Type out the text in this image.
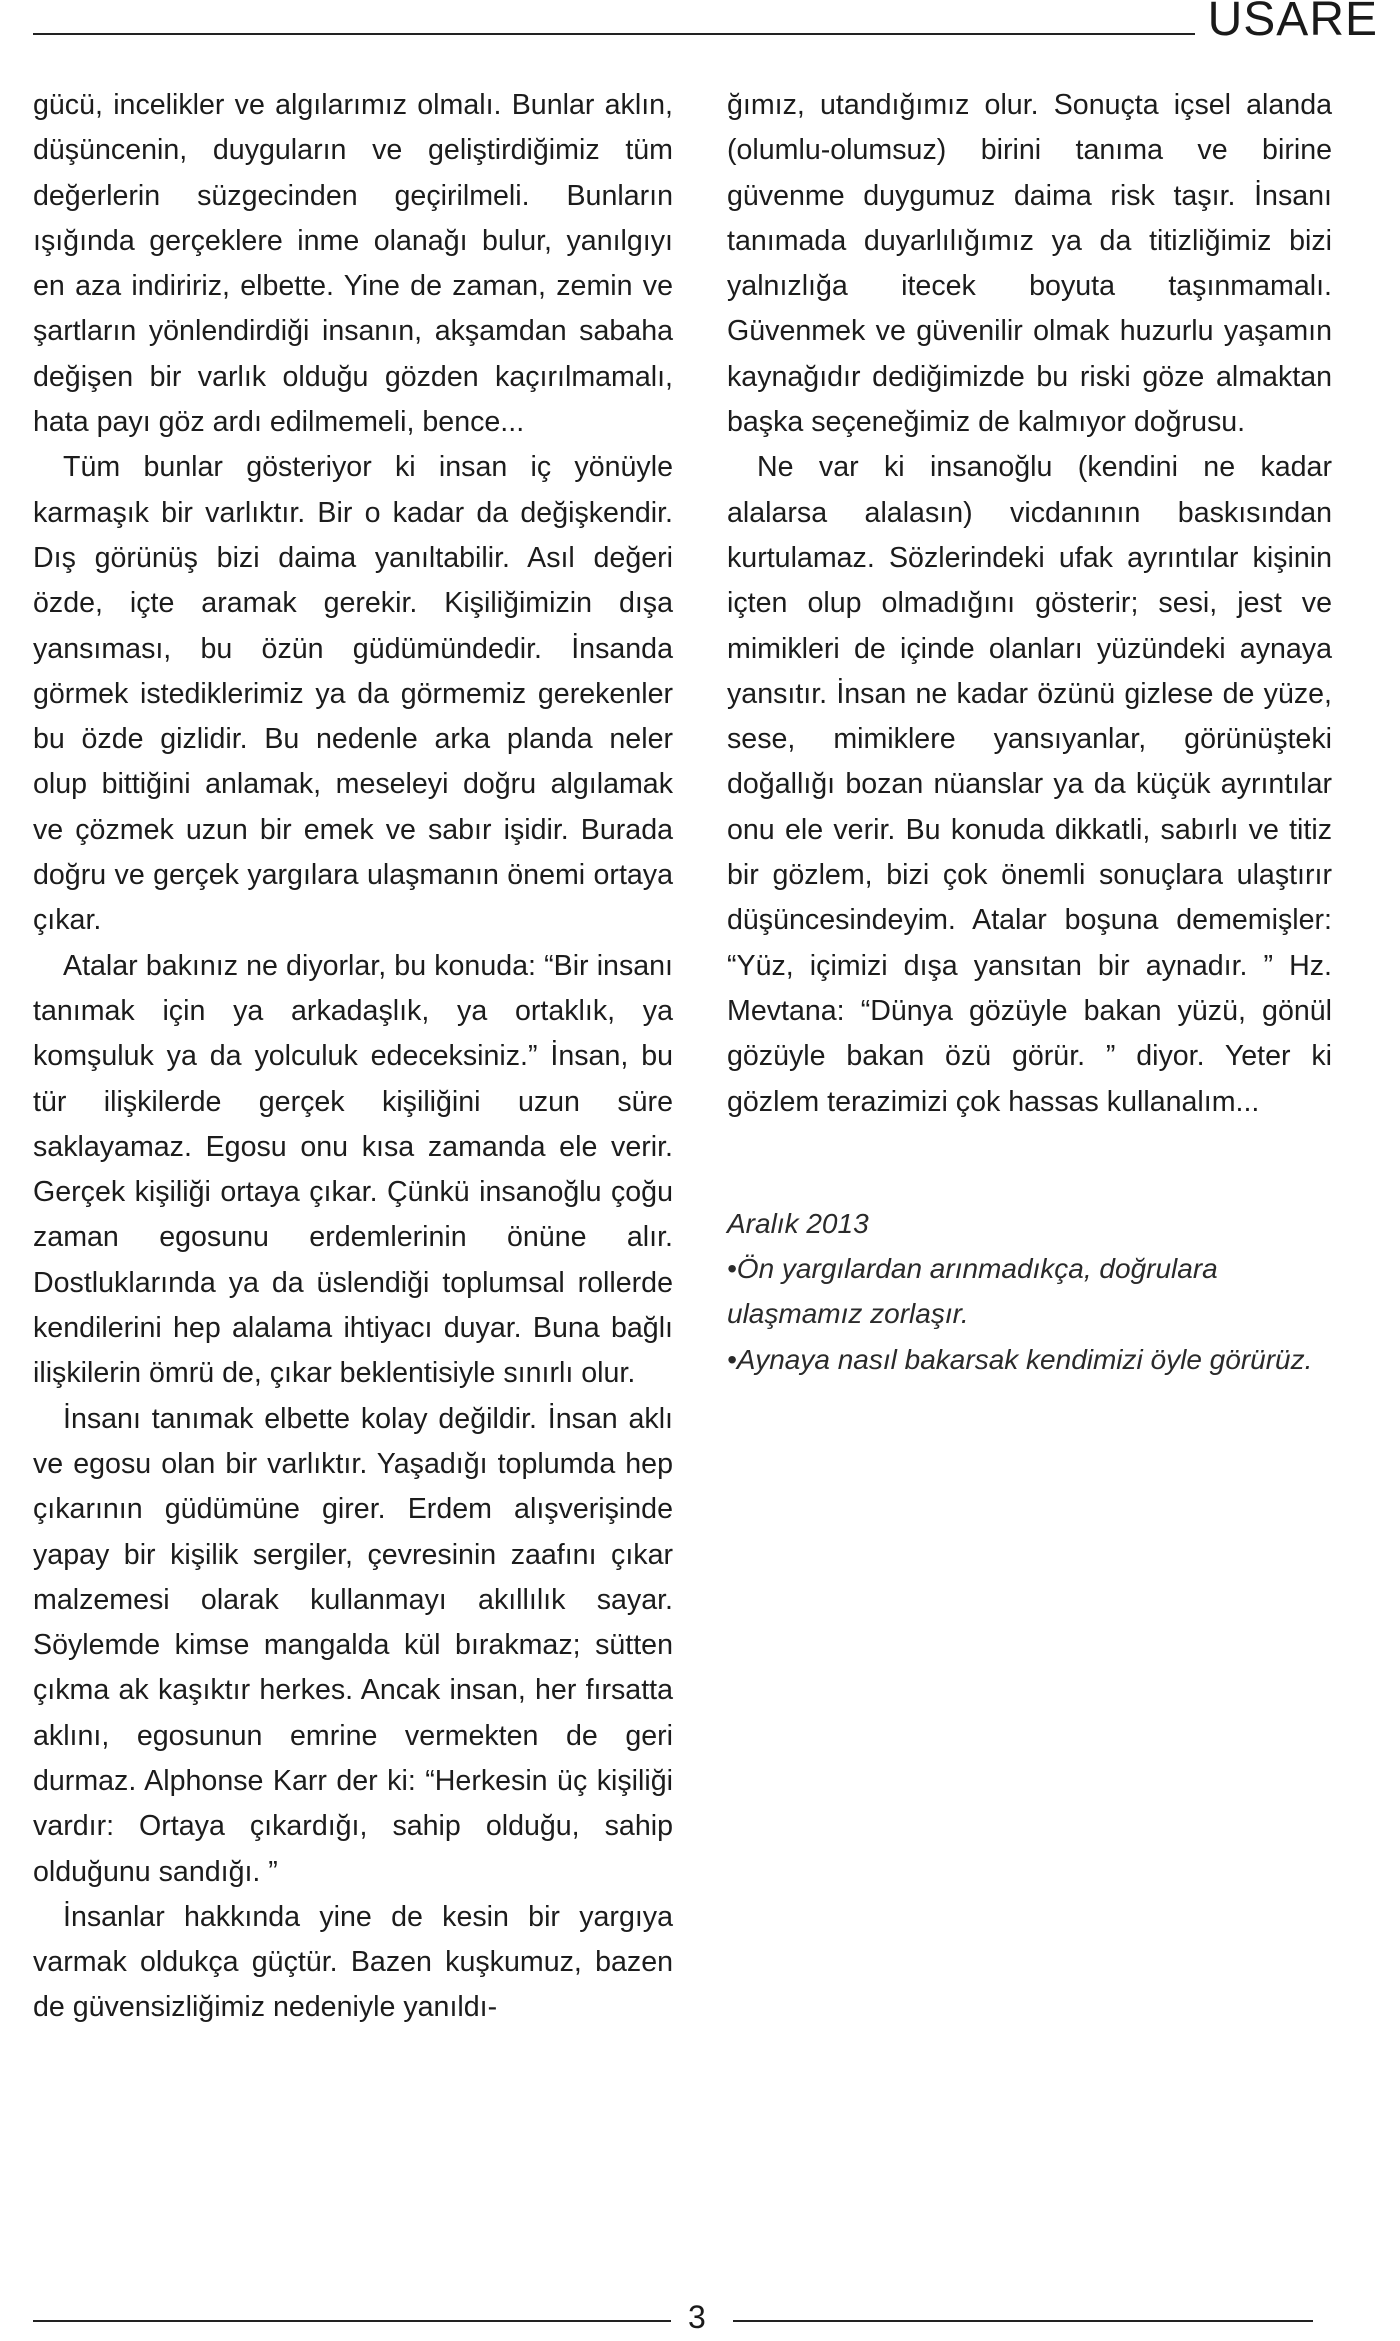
USARE

gücü, incelikler ve algılarımız olmalı. Bunlar aklın, düşüncenin, duyguların ve geliştirdiğimiz tüm değerlerin süzgecinden geçirilmeli. Bunların ışığında gerçeklere inme olanağı bulur, yanılgıyı en aza indiririz, elbette. Yine de zaman, zemin ve şartların yönlendirdiği insanın, akşamdan sabaha değişen bir varlık olduğu gözden kaçırılmamalı, hata payı göz ardı edilmemeli, bence...

Tüm bunlar gösteriyor ki insan iç yönüyle karmaşık bir varlıktır. Bir o kadar da değişkendir. Dış görünüş bizi daima yanıltabilir. Asıl değeri özde, içte aramak gerekir. Kişiliğimizin dışa yansıması, bu özün güdümündedir. İnsanda görmek istediklerimiz ya da görmemiz gerekenler bu özde gizlidir. Bu nedenle arka planda neler olup bittiğini anlamak, meseleyi doğru algılamak ve çözmek uzun bir emek ve sabır işidir. Burada doğru ve gerçek yargılara ulaşmanın önemi ortaya çıkar.

Atalar bakınız ne diyorlar, bu konuda: “Bir insanı tanımak için ya arkadaşlık, ya ortaklık, ya komşuluk ya da yolculuk edeceksiniz.” İnsan, bu tür ilişkilerde gerçek kişiliğini uzun süre saklayamaz. Egosu onu kısa zamanda ele verir. Gerçek kişiliği ortaya çıkar. Çünkü insanoğlu çoğu zaman egosunu erdemlerinin önüne alır. Dostluklarında ya da üslendiği toplumsal rollerde kendilerini hep alalama ihtiyacı duyar. Buna bağlı ilişkilerin ömrü de, çıkar beklentisiyle sınırlı olur.

İnsanı tanımak elbette kolay değildir. İnsan aklı ve egosu olan bir varlıktır. Yaşadığı toplumda hep çıkarının güdümüne girer. Erdem alışverişinde yapay bir kişilik sergiler, çevresinin zaafını çıkar malzemesi olarak kullanmayı akıllılık sayar. Söylemde kimse mangalda kül bırakmaz; sütten çıkma ak kaşıktır herkes. Ancak insan, her fırsatta aklını, egosunun emrine vermekten de geri durmaz. Alphonse Karr der ki: “Herkesin üç kişiliği vardır: Ortaya çıkardığı, sahip olduğu, sahip olduğunu sandığı. ”

İnsanlar hakkında yine de kesin bir yargıya varmak oldukça güçtür. Bazen kuşkumuz, bazen de güvensizliğimiz nedeniyle yanıldı-

ğımız, utandığımız olur. Sonuçta içsel alanda (olumlu-olumsuz) birini tanıma ve birine güvenme duygumuz daima risk taşır. İnsanı tanımada duyarlılığımız ya da titizliğimiz bizi yalnızlığa itecek boyuta taşınmamalı. Güvenmek ve güvenilir olmak huzurlu yaşamın kaynağıdır dediğimizde bu riski göze almaktan başka seçeneğimiz de kalmıyor doğrusu.

Ne var ki insanoğlu (kendini ne kadar alalarsa alalasın) vicdanının baskısından kurtulamaz. Sözlerindeki ufak ayrıntılar kişinin içten olup olmadığını gösterir; sesi, jest ve mimikleri de içinde olanları yüzündeki aynaya yansıtır. İnsan ne kadar özünü gizlese de yüze, sese, mimiklere yansıyanlar, görünüşteki doğallığı bozan nüanslar ya da küçük ayrıntılar onu ele verir. Bu konuda dikkatli, sabırlı ve titiz bir gözlem, bizi çok önemli sonuçlara ulaştırır düşüncesindeyim. Atalar boşuna dememişler: “Yüz, içimizi dışa yansıtan bir aynadır. ” Hz. Mevtana: “Dünya gözüyle bakan yüzü, gönül gözüyle bakan özü görür. ” diyor. Yeter ki gözlem terazimizi çok hassas kullanalım...

Aralık 2013

•Ön yargılardan arınmadıkça, doğrulara ulaşmamız zorlaşır.

•Aynaya nasıl bakarsak kendimizi öyle görürüz.

3
